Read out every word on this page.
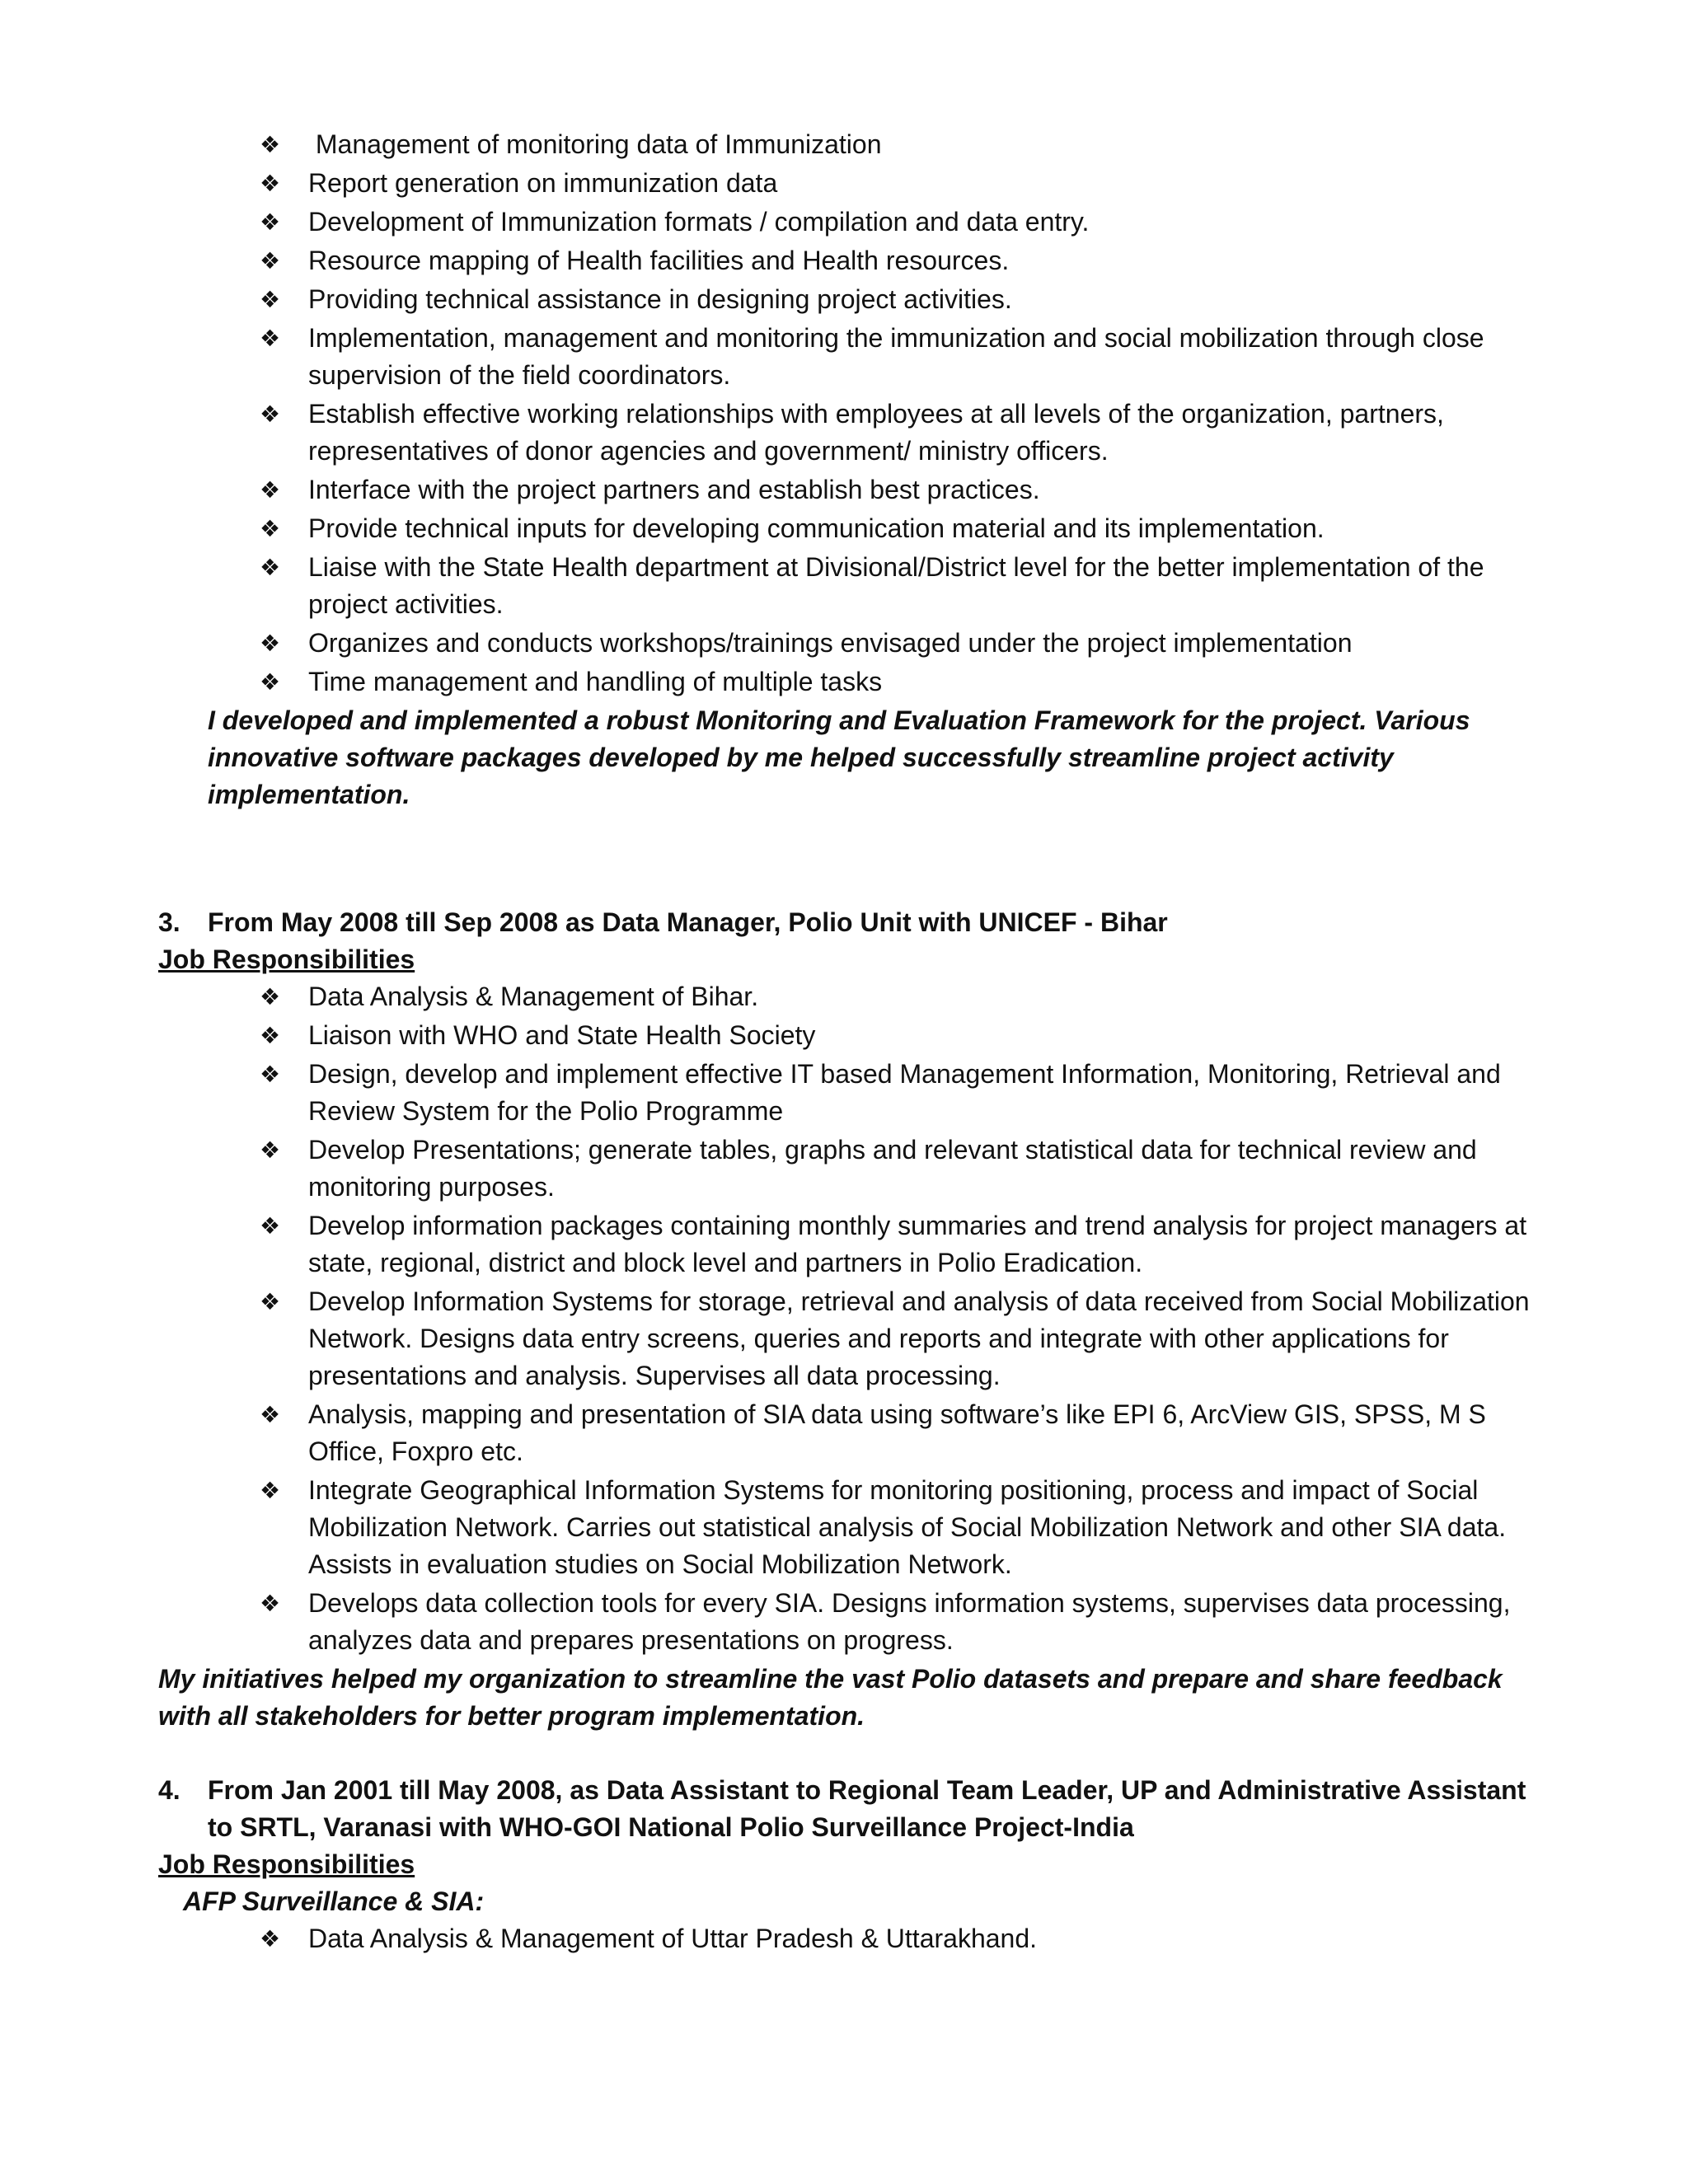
❖ Management of monitoring data of Immunization
❖ Report generation on immunization data
❖ Development of Immunization formats / compilation and data entry.
❖ Resource mapping of Health facilities and Health resources.
❖ Providing technical assistance in designing project activities.
❖ Implementation, management and monitoring the immunization and social mobilization through close supervision of the field coordinators.
❖ Establish effective working relationships with employees at all levels of the organization, partners, representatives of donor agencies and government/ ministry officers.
❖ Interface with the project partners and establish best practices.
❖ Provide technical inputs for developing communication material and its implementation.
❖ Liaise with the State Health department at Divisional/District level for the better implementation of the project activities.
❖ Organizes and conducts workshops/trainings envisaged under the project implementation
❖ Time management and handling of multiple tasks

I developed and implemented a robust Monitoring and Evaluation Framework for the project. Various innovative software packages developed by me helped successfully streamline project activity implementation.

3.	From May 2008 till Sep 2008 as Data Manager, Polio Unit with UNICEF - Bihar

Job Responsibilities

❖ Data Analysis & Management of Bihar.
❖ Liaison with WHO and State Health Society
❖ Design, develop and implement effective IT based Management Information, Monitoring, Retrieval and Review System for the Polio Programme
❖ Develop Presentations; generate tables, graphs and relevant statistical data for technical review and monitoring purposes.
❖ Develop information packages containing monthly summaries and trend analysis for project managers at state, regional, district and block level and partners in Polio Eradication.
❖ Develop Information Systems for storage, retrieval and analysis of data received from Social Mobilization Network. Designs data entry screens, queries and reports and integrate with other applications for presentations and analysis. Supervises all data processing.
❖ Analysis, mapping and presentation of SIA data using software’s like EPI 6, ArcView GIS, SPSS, M S Office, Foxpro etc.
❖ Integrate Geographical Information Systems for monitoring positioning, process and impact of Social Mobilization Network. Carries out statistical analysis of Social Mobilization Network and other SIA data. Assists in evaluation studies on Social Mobilization Network.
❖ Develops data collection tools for every SIA. Designs information systems, supervises data processing, analyzes data and prepares presentations on progress.

My initiatives helped my organization to streamline the vast Polio datasets and prepare and share feedback with all stakeholders for better program implementation.

4.	From Jan 2001 till May 2008, as Data Assistant to Regional Team Leader, UP and Administrative Assistant to SRTL, Varanasi with WHO-GOI National Polio Surveillance Project-India

Job Responsibilities

AFP Surveillance & SIA:

❖ Data Analysis & Management of Uttar Pradesh & Uttarakhand.
